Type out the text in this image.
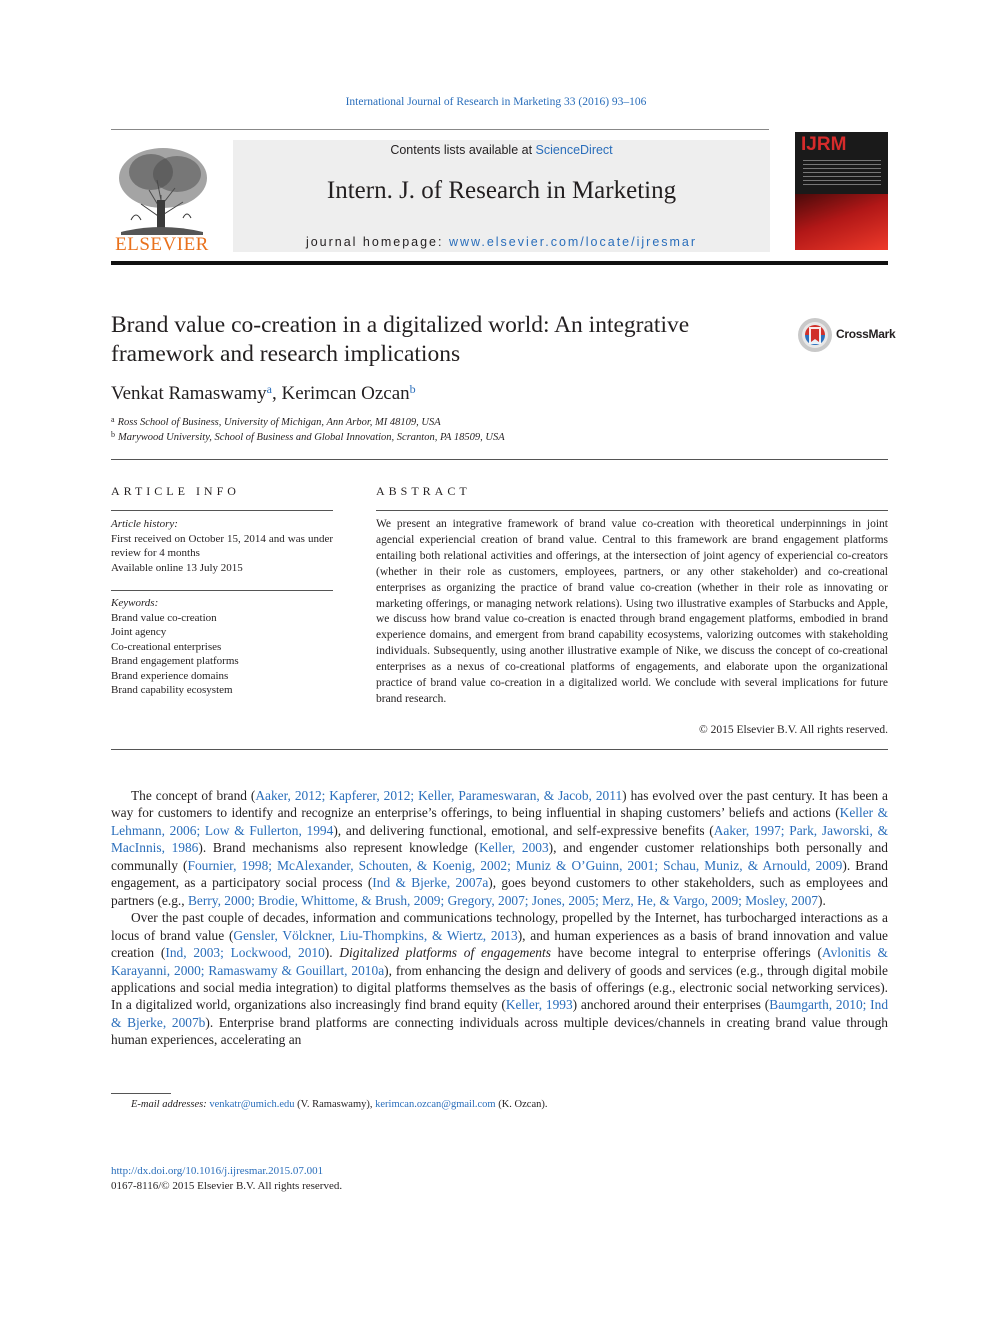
International Journal of Research in Marketing 33 (2016) 93–106
ELSEVIER
Contents lists available at ScienceDirect
Intern. J. of Research in Marketing
journal homepage: www.elsevier.com/locate/ijresmar
IJRM
Brand value co-creation in a digitalized world: An integrative framework and research implications
CrossMark
Venkat Ramaswamy$^a$, Kerimcan Ozcan$^b$
$^a$ Ross School of Business, University of Michigan, Ann Arbor, MI 48109, USA
$^b$ Marywood University, School of Business and Global Innovation, Scranton, PA 18509, USA
ARTICLE INFO
Article history:
First received on October 15, 2014 and was under review for 4 months
Available online 13 July 2015
Keywords:
Brand value co-creation
Joint agency
Co-creational enterprises
Brand engagement platforms
Brand experience domains
Brand capability ecosystem
ABSTRACT
We present an integrative framework of brand value co-creation with theoretical underpinnings in joint agencial experiencial creation of brand value. Central to this framework are brand engagement platforms entailing both relational activities and offerings, at the intersection of joint agency of experiencial co-creators (whether in their role as customers, employees, partners, or any other stakeholder) and co-creational enterprises as organizing the practice of brand value co-creation (whether in their role as innovating or marketing offerings, or managing network relations). Using two illustrative examples of Starbucks and Apple, we discuss how brand value co-creation is enacted through brand engagement platforms, embodied in brand experience domains, and emergent from brand capability ecosystems, valorizing outcomes with stakeholding individuals. Subsequently, using another illustrative example of Nike, we discuss the concept of co-creational enterprises as a nexus of co-creational platforms of engagements, and elaborate upon the organizational practice of brand value co-creation in a digitalized world. We conclude with several implications for future brand research.
© 2015 Elsevier B.V. All rights reserved.

The concept of brand (Aaker, 2012; Kapferer, 2012; Keller, Parameswaran, & Jacob, 2011) has evolved over the past century. It has been a way for customers to identify and recognize an enterprise’s offerings, to being influential in shaping customers’ beliefs and actions (Keller & Lehmann, 2006; Low & Fullerton, 1994), and delivering functional, emotional, and self-expressive benefits (Aaker, 1997; Park, Jaworski, & MacInnis, 1986). Brand mechanisms also represent knowledge (Keller, 2003), and engender customer relationships both personally and communally (Fournier, 1998; McAlexander, Schouten, & Koenig, 2002; Muniz & O’Guinn, 2001; Schau, Muniz, & Arnould, 2009). Brand engagement, as a participatory social process (Ind & Bjerke, 2007a), goes beyond customers to other stakeholders, such as employees and partners (e.g., Berry, 2000; Brodie, Whittome, & Brush, 2009; Gregory, 2007; Jones, 2005; Merz, He, & Vargo, 2009; Mosley, 2007).

Over the past couple of decades, information and communications technology, propelled by the Internet, has turbocharged interactions as a locus of brand value (Gensler, Völckner, Liu-Thompkins, & Wiertz, 2013), and human experiences as a basis of brand innovation and value creation (Ind, 2003; Lockwood, 2010). Digitalized platforms of engagements have become integral to enterprise offerings (Avlonitis & Karayanni, 2000; Ramaswamy & Gouillart, 2010a), from enhancing the design and delivery of goods and services (e.g., through digital mobile applications and social media integration) to digital platforms themselves as the basis of offerings (e.g., electronic social networking services). In a digitalized world, organizations also increasingly find brand equity (Keller, 1993) anchored around their enterprises (Baumgarth, 2010; Ind & Bjerke, 2007b). Enterprise brand platforms are connecting individuals across multiple devices/channels in creating brand value through human experiences, accelerating an

E-mail addresses: venkatr@umich.edu (V. Ramaswamy), kerimcan.ozcan@gmail.com (K. Ozcan).
http://dx.doi.org/10.1016/j.ijresmar.2015.07.001
0167-8116/© 2015 Elsevier B.V. All rights reserved.
